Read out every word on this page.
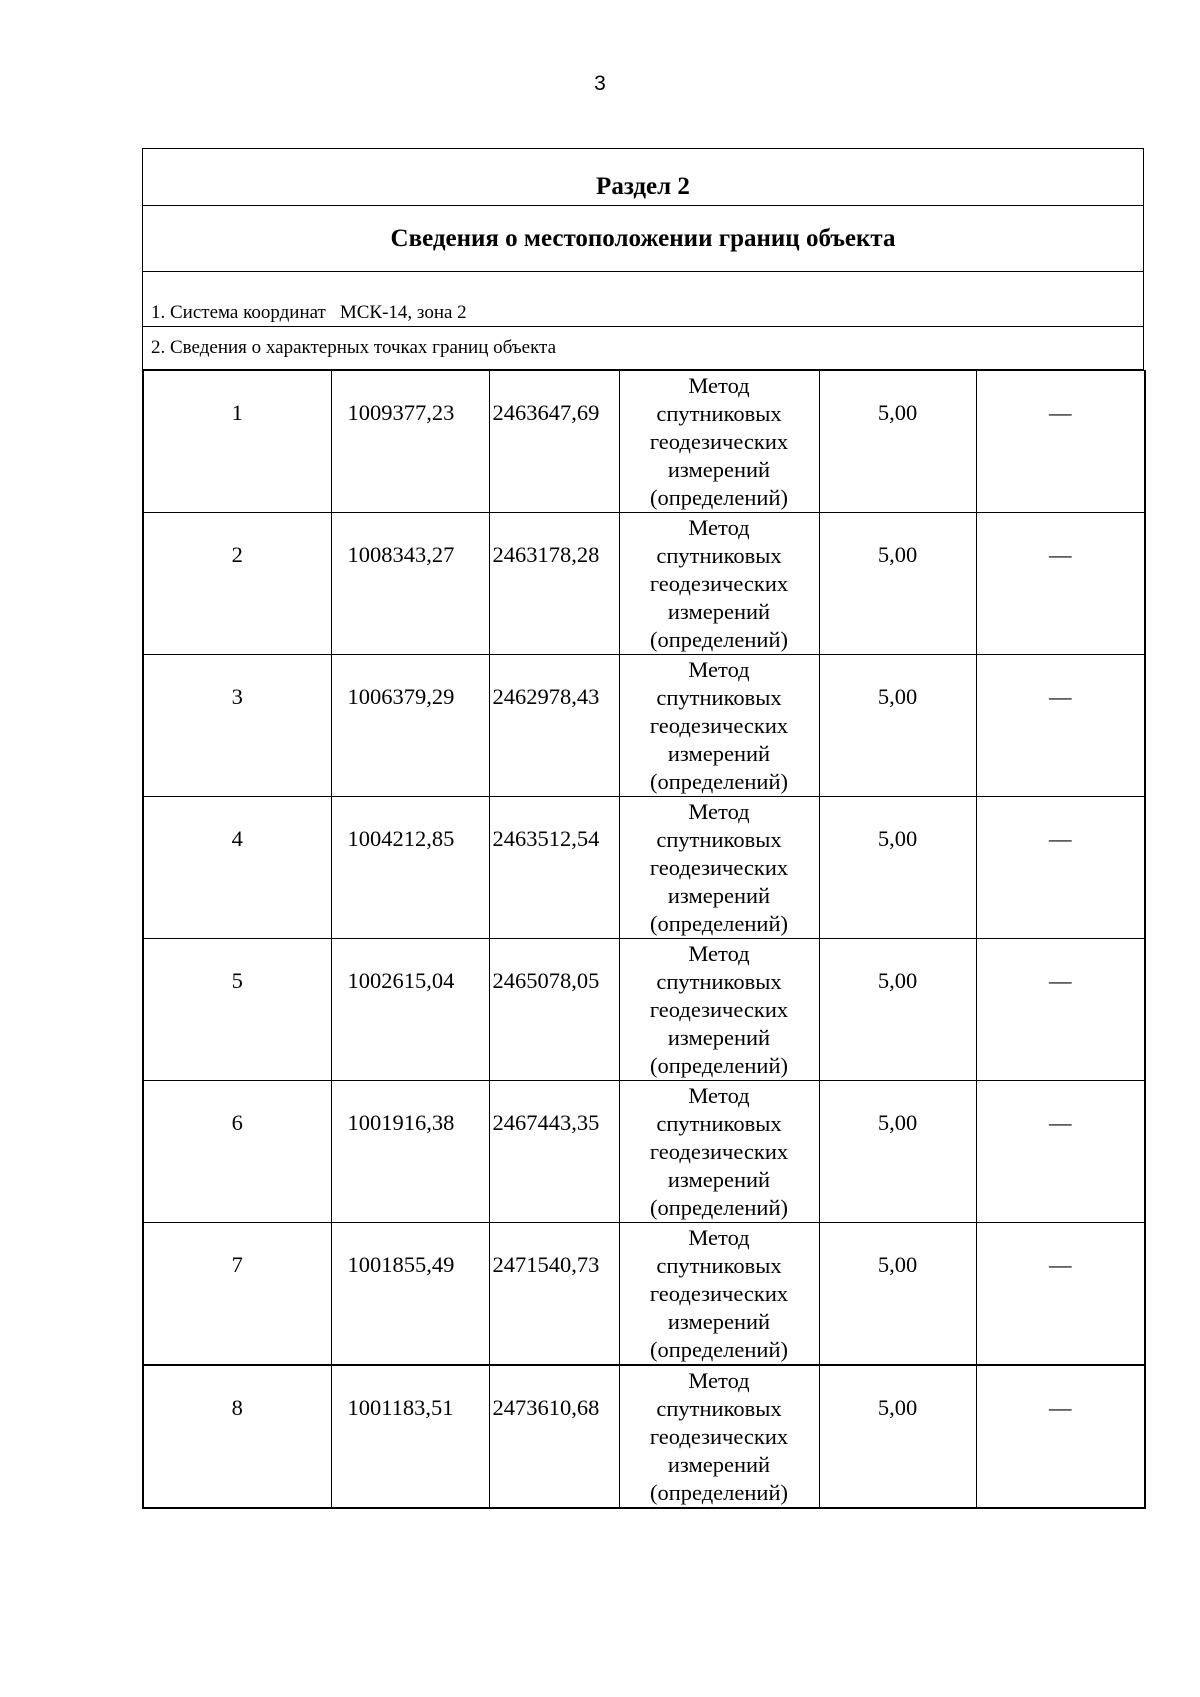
3
Раздел 2
Сведения о местоположении границ объекта
1. Система координат МСК-14, зона 2
2. Сведения о характерных точках границ объекта
1	1009377,23	2463647,69	Метод
спутниковых
геодезических
измерений
(определений)	5,00	—
2	1008343,27	2463178,28	Метод
спутниковых
геодезических
измерений
(определений)	5,00	—
3	1006379,29	2462978,43	Метод
спутниковых
геодезических
измерений
(определений)	5,00	—
4	1004212,85	2463512,54	Метод
спутниковых
геодезических
измерений
(определений)	5,00	—
5	1002615,04	2465078,05	Метод
спутниковых
геодезических
измерений
(определений)	5,00	—
6	1001916,38	2467443,35	Метод
спутниковых
геодезических
измерений
(определений)	5,00	—
7	1001855,49	2471540,73	Метод
спутниковых
геодезических
измерений
(определений)	5,00	—
8	1001183,51	2473610,68	Метод
спутниковых
геодезических
измерений
(определений)	5,00	—
